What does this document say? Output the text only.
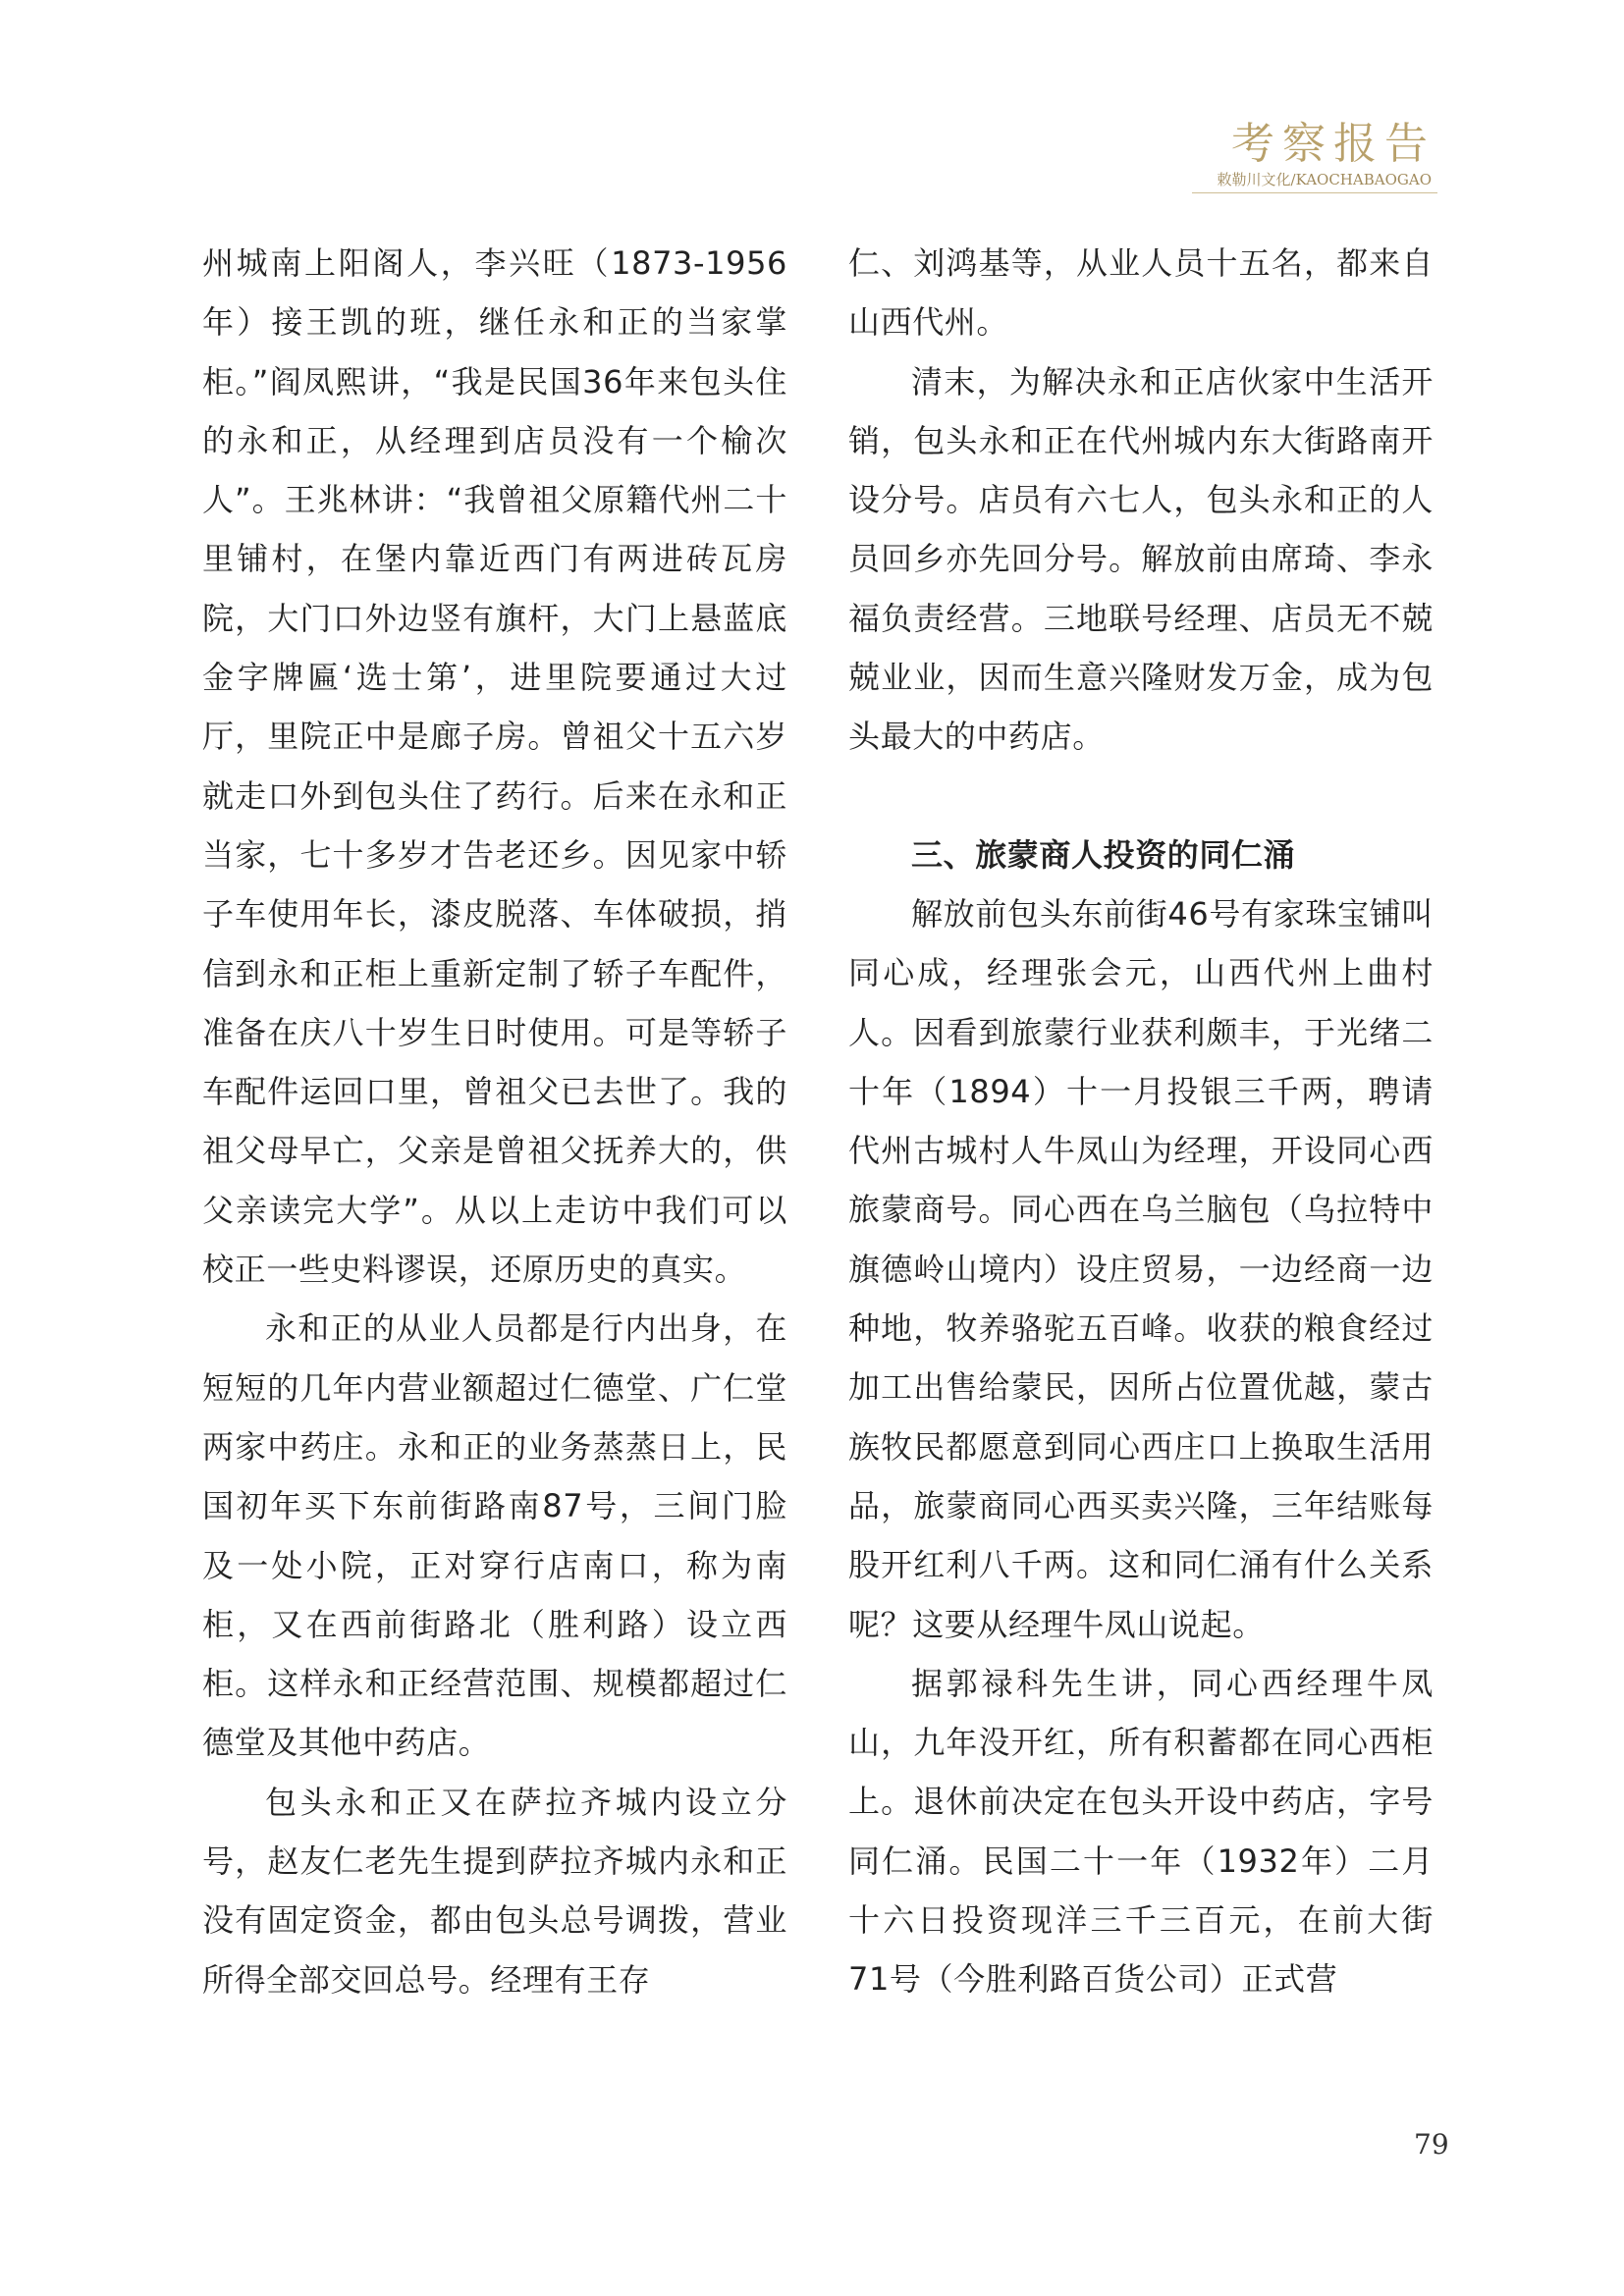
考察报告
敕勒川文化/KAOCHABAOGAO

州城南上阳阁人，李兴旺（1873-1956年）接王凯的班，继任永和正的当家掌柜。”阎凤熙讲，“我是民国36年来包头住的永和正，从经理到店员没有一个榆次人”。王兆林讲：“我曾祖父原籍代州二十里铺村，在堡内靠近西门有两进砖瓦房院，大门口外边竖有旗杆，大门上悬蓝底金字牌匾‘选士第’，进里院要通过大过厅，里院正中是廊子房。曾祖父十五六岁就走口外到包头住了药行。后来在永和正当家，七十多岁才告老还乡。因见家中轿子车使用年长，漆皮脱落、车体破损，捎信到永和正柜上重新定制了轿子车配件，准备在庆八十岁生日时使用。可是等轿子车配件运回口里，曾祖父已去世了。我的祖父母早亡，父亲是曾祖父抚养大的，供父亲读完大学”。从以上走访中我们可以校正一些史料谬误，还原历史的真实。

永和正的从业人员都是行内出身，在短短的几年内营业额超过仁德堂、广仁堂两家中药庄。永和正的业务蒸蒸日上，民国初年买下东前街路南87号，三间门脸及一处小院，正对穿行店南口，称为南柜，又在西前街路北（胜利路）设立西柜。这样永和正经营范围、规模都超过仁德堂及其他中药店。

包头永和正又在萨拉齐城内设立分号，赵友仁老先生提到萨拉齐城内永和正没有固定资金，都由包头总号调拨，营业所得全部交回总号。经理有王存

仁、刘鸿基等，从业人员十五名，都来自山西代州。

清末，为解决永和正店伙家中生活开销，包头永和正在代州城内东大街路南开设分号。店员有六七人，包头永和正的人员回乡亦先回分号。解放前由席琦、李永福负责经营。三地联号经理、店员无不兢兢业业，因而生意兴隆财发万金，成为包头最大的中药店。

三、旅蒙商人投资的同仁涌

解放前包头东前街46号有家珠宝铺叫同心成，经理张会元，山西代州上曲村人。因看到旅蒙行业获利颇丰，于光绪二十年（1894）十一月投银三千两，聘请代州古城村人牛凤山为经理，开设同心西旅蒙商号。同心西在乌兰脑包（乌拉特中旗德岭山境内）设庄贸易，一边经商一边种地，牧养骆驼五百峰。收获的粮食经过加工出售给蒙民，因所占位置优越，蒙古族牧民都愿意到同心西庄口上换取生活用品，旅蒙商同心西买卖兴隆，三年结账每股开红利八千两。这和同仁涌有什么关系呢？这要从经理牛凤山说起。

据郭禄科先生讲，同心西经理牛凤山，九年没开红，所有积蓄都在同心西柜上。退休前决定在包头开设中药店，字号同仁涌。民国二十一年（1932年）二月十六日投资现洋三千三百元，在前大街71号（今胜利路百货公司）正式营

79
